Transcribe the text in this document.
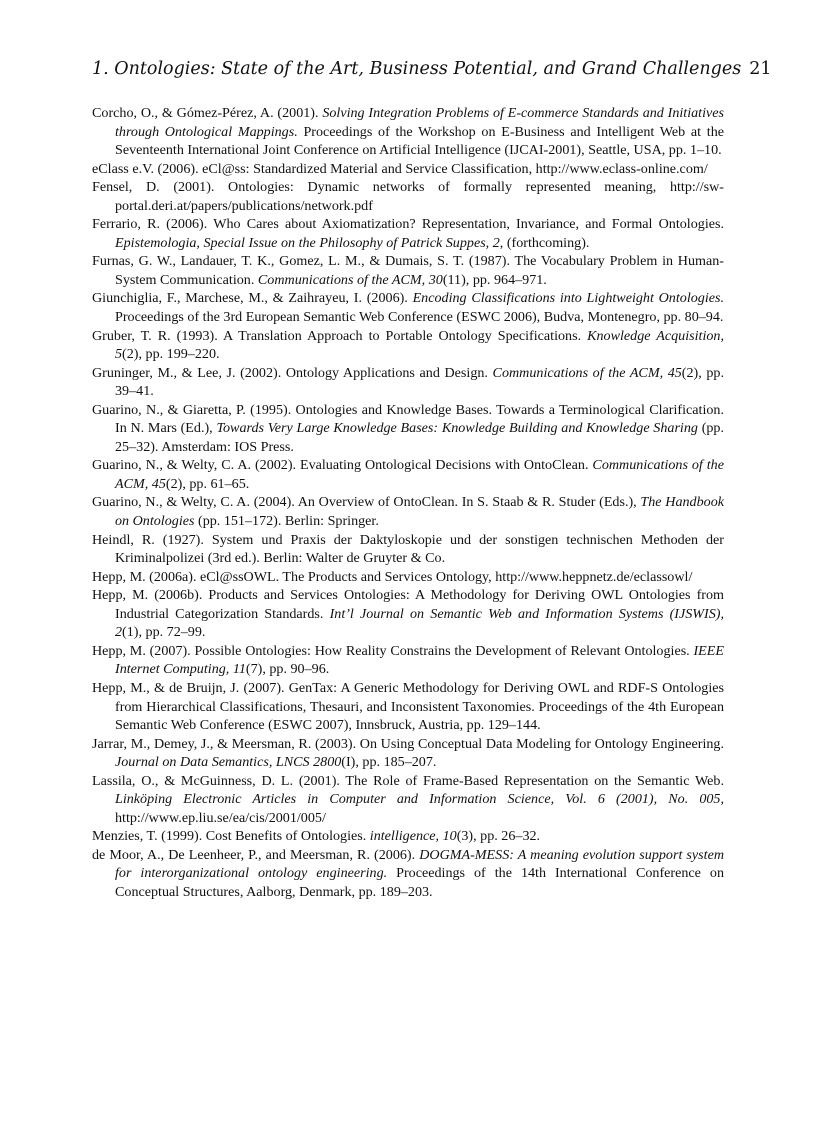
1. Ontologies: State of the Art, Business Potential, and Grand Challenges 21
Corcho, O., & Gómez-Pérez, A. (2001). Solving Integration Problems of E-commerce Standards and Initiatives through Ontological Mappings. Proceedings of the Workshop on E-Business and Intelligent Web at the Seventeenth International Joint Conference on Artificial Intelligence (IJCAI-2001), Seattle, USA, pp. 1–10.
eClass e.V. (2006). eCl@ss: Standardized Material and Service Classification, http://www.eclass-online.com/
Fensel, D. (2001). Ontologies: Dynamic networks of formally represented meaning, http://sw-portal.deri.at/papers/publications/network.pdf
Ferrario, R. (2006). Who Cares about Axiomatization? Representation, Invariance, and Formal Ontologies. Epistemologia, Special Issue on the Philosophy of Patrick Suppes, 2, (forthcoming).
Furnas, G. W., Landauer, T. K., Gomez, L. M., & Dumais, S. T. (1987). The Vocabulary Problem in Human-System Communication. Communications of the ACM, 30(11), pp. 964–971.
Giunchiglia, F., Marchese, M., & Zaihrayeu, I. (2006). Encoding Classifications into Lightweight Ontologies. Proceedings of the 3rd European Semantic Web Conference (ESWC 2006), Budva, Montenegro, pp. 80–94.
Gruber, T. R. (1993). A Translation Approach to Portable Ontology Specifications. Knowledge Acquisition, 5(2), pp. 199–220.
Gruninger, M., & Lee, J. (2002). Ontology Applications and Design. Communications of the ACM, 45(2), pp. 39–41.
Guarino, N., & Giaretta, P. (1995). Ontologies and Knowledge Bases. Towards a Terminological Clarification. In N. Mars (Ed.), Towards Very Large Knowledge Bases: Knowledge Building and Knowledge Sharing (pp. 25–32). Amsterdam: IOS Press.
Guarino, N., & Welty, C. A. (2002). Evaluating Ontological Decisions with OntoClean. Communications of the ACM, 45(2), pp. 61–65.
Guarino, N., & Welty, C. A. (2004). An Overview of OntoClean. In S. Staab & R. Studer (Eds.), The Handbook on Ontologies (pp. 151–172). Berlin: Springer.
Heindl, R. (1927). System und Praxis der Daktyloskopie und der sonstigen technischen Methoden der Kriminalpolizei (3rd ed.). Berlin: Walter de Gruyter & Co.
Hepp, M. (2006a). eCl@ssOWL. The Products and Services Ontology, http://www.heppnetz.de/eclassowl/
Hepp, M. (2006b). Products and Services Ontologies: A Methodology for Deriving OWL Ontologies from Industrial Categorization Standards. Int’l Journal on Semantic Web and Information Systems (IJSWIS), 2(1), pp. 72–99.
Hepp, M. (2007). Possible Ontologies: How Reality Constrains the Development of Relevant Ontologies. IEEE Internet Computing, 11(7), pp. 90–96.
Hepp, M., & de Bruijn, J. (2007). GenTax: A Generic Methodology for Deriving OWL and RDF-S Ontologies from Hierarchical Classifications, Thesauri, and Inconsistent Taxonomies. Proceedings of the 4th European Semantic Web Conference (ESWC 2007), Innsbruck, Austria, pp. 129–144.
Jarrar, M., Demey, J., & Meersman, R. (2003). On Using Conceptual Data Modeling for Ontology Engineering. Journal on Data Semantics, LNCS 2800(I), pp. 185–207.
Lassila, O., & McGuinness, D. L. (2001). The Role of Frame-Based Representation on the Semantic Web. Linköping Electronic Articles in Computer and Information Science, Vol. 6 (2001), No. 005, http://www.ep.liu.se/ea/cis/2001/005/
Menzies, T. (1999). Cost Benefits of Ontologies. intelligence, 10(3), pp. 26–32.
de Moor, A., De Leenheer, P., and Meersman, R. (2006). DOGMA-MESS: A meaning evolution support system for interorganizational ontology engineering. Proceedings of the 14th International Conference on Conceptual Structures, Aalborg, Denmark, pp. 189–203.
